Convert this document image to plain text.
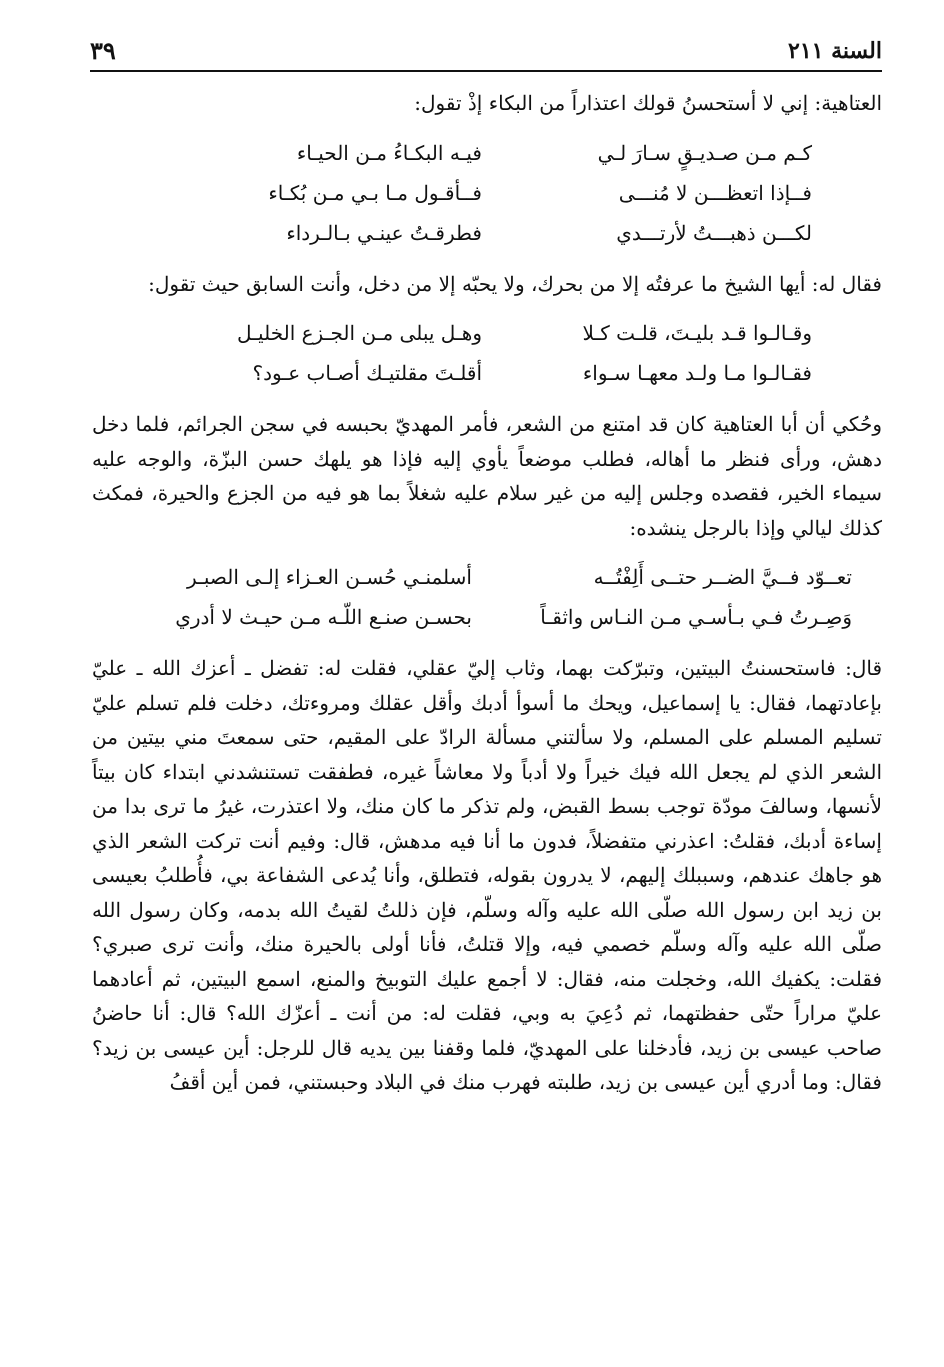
السنة ٢١١
٣٩

العتاهية: إني لا أستحسنُ قولك اعتذاراً من البكاء إذْ تقول:

كـم مـن صـديـقٍ سـارَ لـي
فيـه البكـاءُ مـن الحيـاء
فــإذا اتعظـــن لا مُنـــى
فــأقـول مـا بـي مـن بُكـاء
لكـــن ذهبـــتُ لأرتـــدي
فطرقـتُ عينـي بـالـرداء

فقال له: أيها الشيخ ما عرفتُه إلا من بحرك، ولا يحبّه إلا من دخل، وأنت السابق حيث تقول:

وقـالـوا قـد بليـتَ، قلـت كـلا
وهـل يبلى مـن الجـزع الخليـل
فقـالـوا مـا ولـد معهـا سـواء
أقلـتَ مقلتيـك أصـاب عـود؟

وحُكي أن أبا العتاهية كان قد امتنع من الشعر، فأمر المهديّ بحبسه في سجن الجرائم، فلما دخل دهش، ورأى فنظر ما أهاله، فطلب موضعاً يأوي إليه فإذا هو يلهك حسن البزّة، والوجه عليه سيماء الخير، فقصده وجلس إليه من غير سلام عليه شغلاً بما هو فيه من الجزع والحيرة، فمكث كذلك ليالي وإذا بالرجل ينشده:

تعــوّد فــيَّ الضــر حتــى أَلِفْتُــه
أسلمنـي حُسـن العـزاء إلـى الصبـر
وَصِـرتُ فـي بـأسـي مـن النـاس واثقـاً
بحسـن صنـع اللّـه مـن حيـث لا أدري

قال: فاستحسنتُ البيتين، وتبرّكت بهما، وثاب إليّ عقلي، فقلت له: تفضل ـ أعزك الله ـ عليّ بإعادتهما، فقال: يا إسماعيل، ويحك ما أسوأ أدبك وأقل عقلك ومروءتك، دخلت فلم تسلم عليّ تسليم المسلم على المسلم، ولا سألتني مسألة الرادّ على المقيم، حتى سمعتَ مني بيتين من الشعر الذي لم يجعل الله فيك خيراً ولا أدباً ولا معاشاً غيره، فطفقت تستنشدني ابتداء كان بيتاً لأنسها، وسالفَ مودّة توجب بسط القبض، ولم تذكر ما كان منك، ولا اعتذرت، غيرُ ما ترى بدا من إساءة أدبك، فقلتُ: اعذرني متفضلاً، فدون ما أنا فيه مدهش، قال: وفيم أنت تركت الشعر الذي هو جاهك عندهم، وسببلك إليهم، لا يدرون بقوله، فتطلق، وأنا يُدعى الشفاعة بي، فأُطلبُ بعيسى بن زيد ابن رسول الله صلّى الله عليه وآله وسلّم، فإن ذللتُ لقيتُ الله بدمه، وكان رسول الله صلّى الله عليه وآله وسلّم خصمي فيه، وإلا قتلتُ، فأنا أولى بالحيرة منك، وأنت ترى صبري؟ فقلت: يكفيك الله، وخجلت منه، فقال: لا أجمع عليك التوبيخ والمنع، اسمع البيتين، ثم أعادهما عليّ مراراً حتّى حفظتهما، ثم دُعِيَ به وبي، فقلت له: من أنت ـ أعزّك الله؟ قال: أنا حاضنُ صاحب عيسى بن زيد، فأدخلنا على المهديّ، فلما وقفنا بين يديه قال للرجل: أين عيسى بن زيد؟ فقال: وما أدري أين عيسى بن زيد، طلبته فهرب منك في البلاد وحبستني، فمن أين أقفُ
